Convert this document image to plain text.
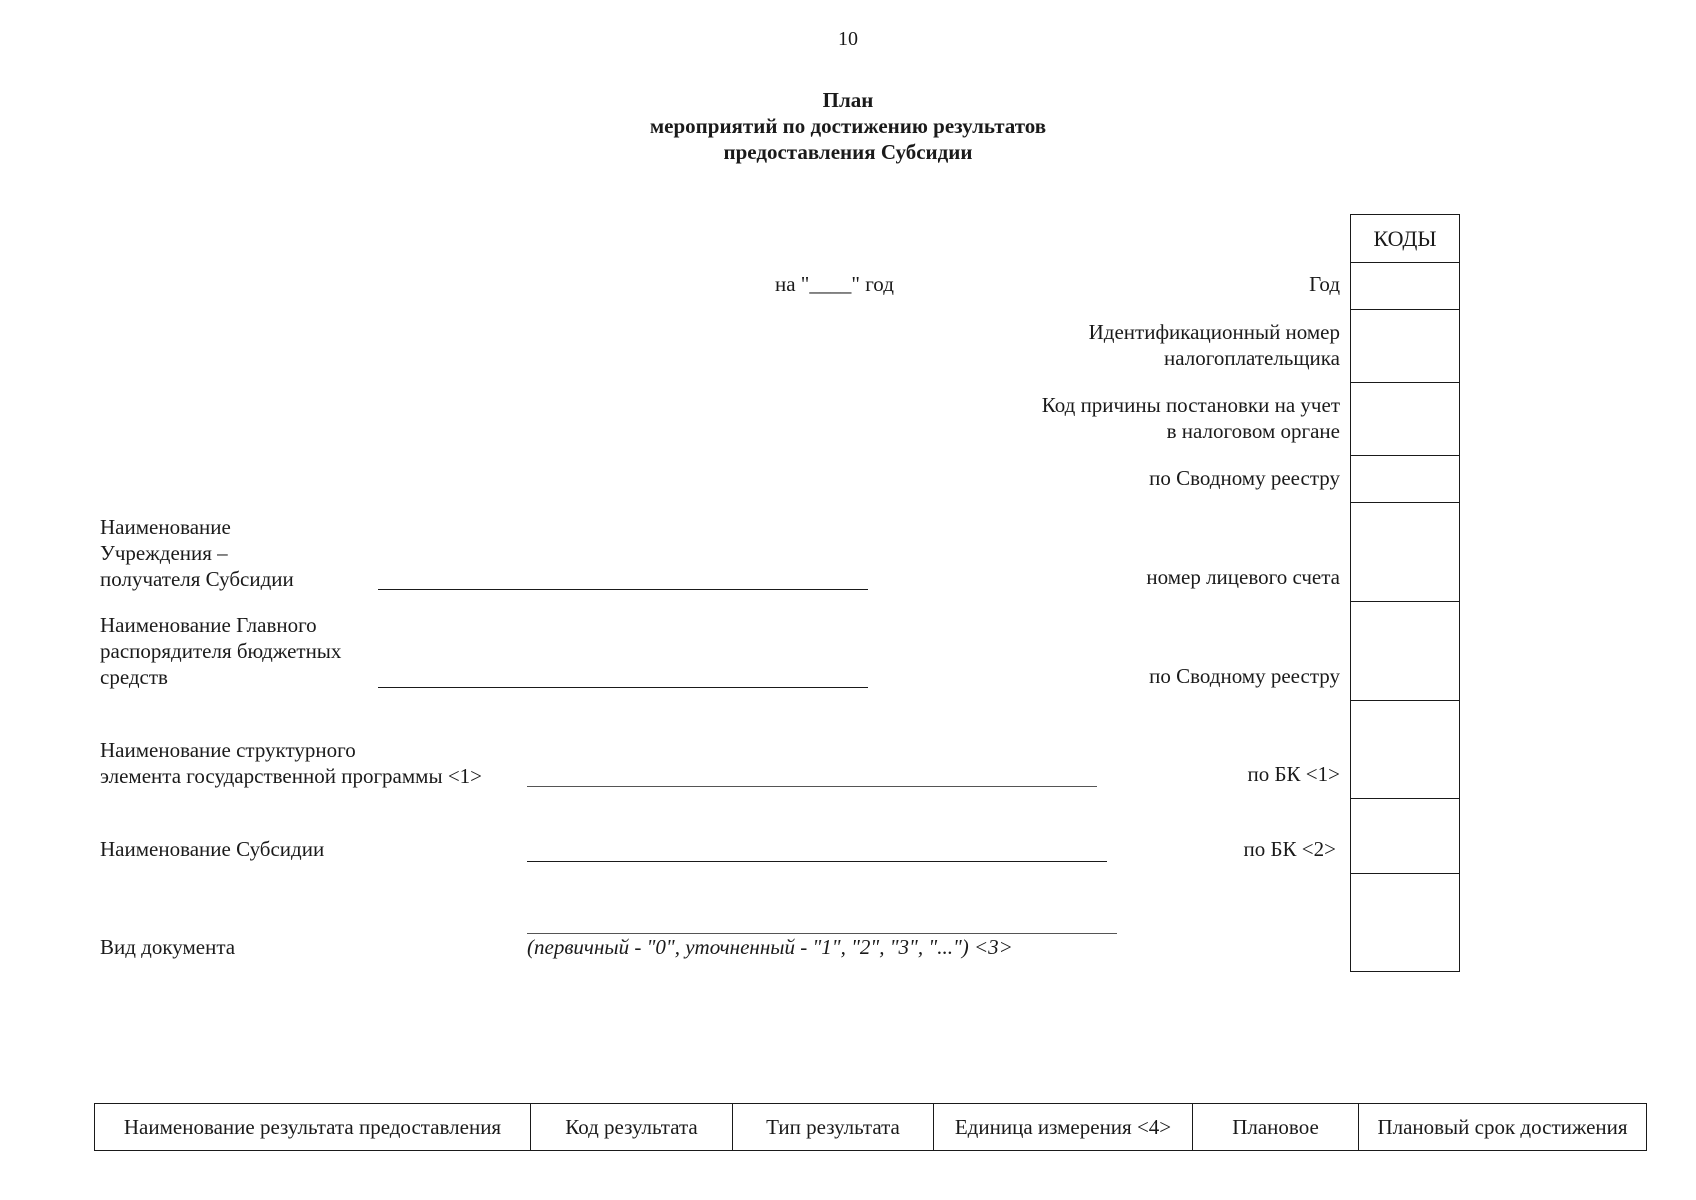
10
План
мероприятий по достижению результатов
предоставления Субсидии
на "____" год	Год
Идентификационный номер
налогоплательщика
Код причины постановки на учет
в налоговом органе
по Сводному реестру
номер лицевого счета
по Сводному реестру
по БК <1>
по БК <2>
КОДЫ
Наименование
Учреждения –
получателя Субсидии
Наименование Главного
распорядителя бюджетных
средств
Наименование структурного
элемента государственной программы <1>
Наименование Субсидии
Вид документа	(первичный - "0", уточненный - "1", "2", "3", "...") <3>
Наименование результата предоставления	Код результата	Тип результата	Единица измерения <4>	Плановое	Плановый срок достижения
